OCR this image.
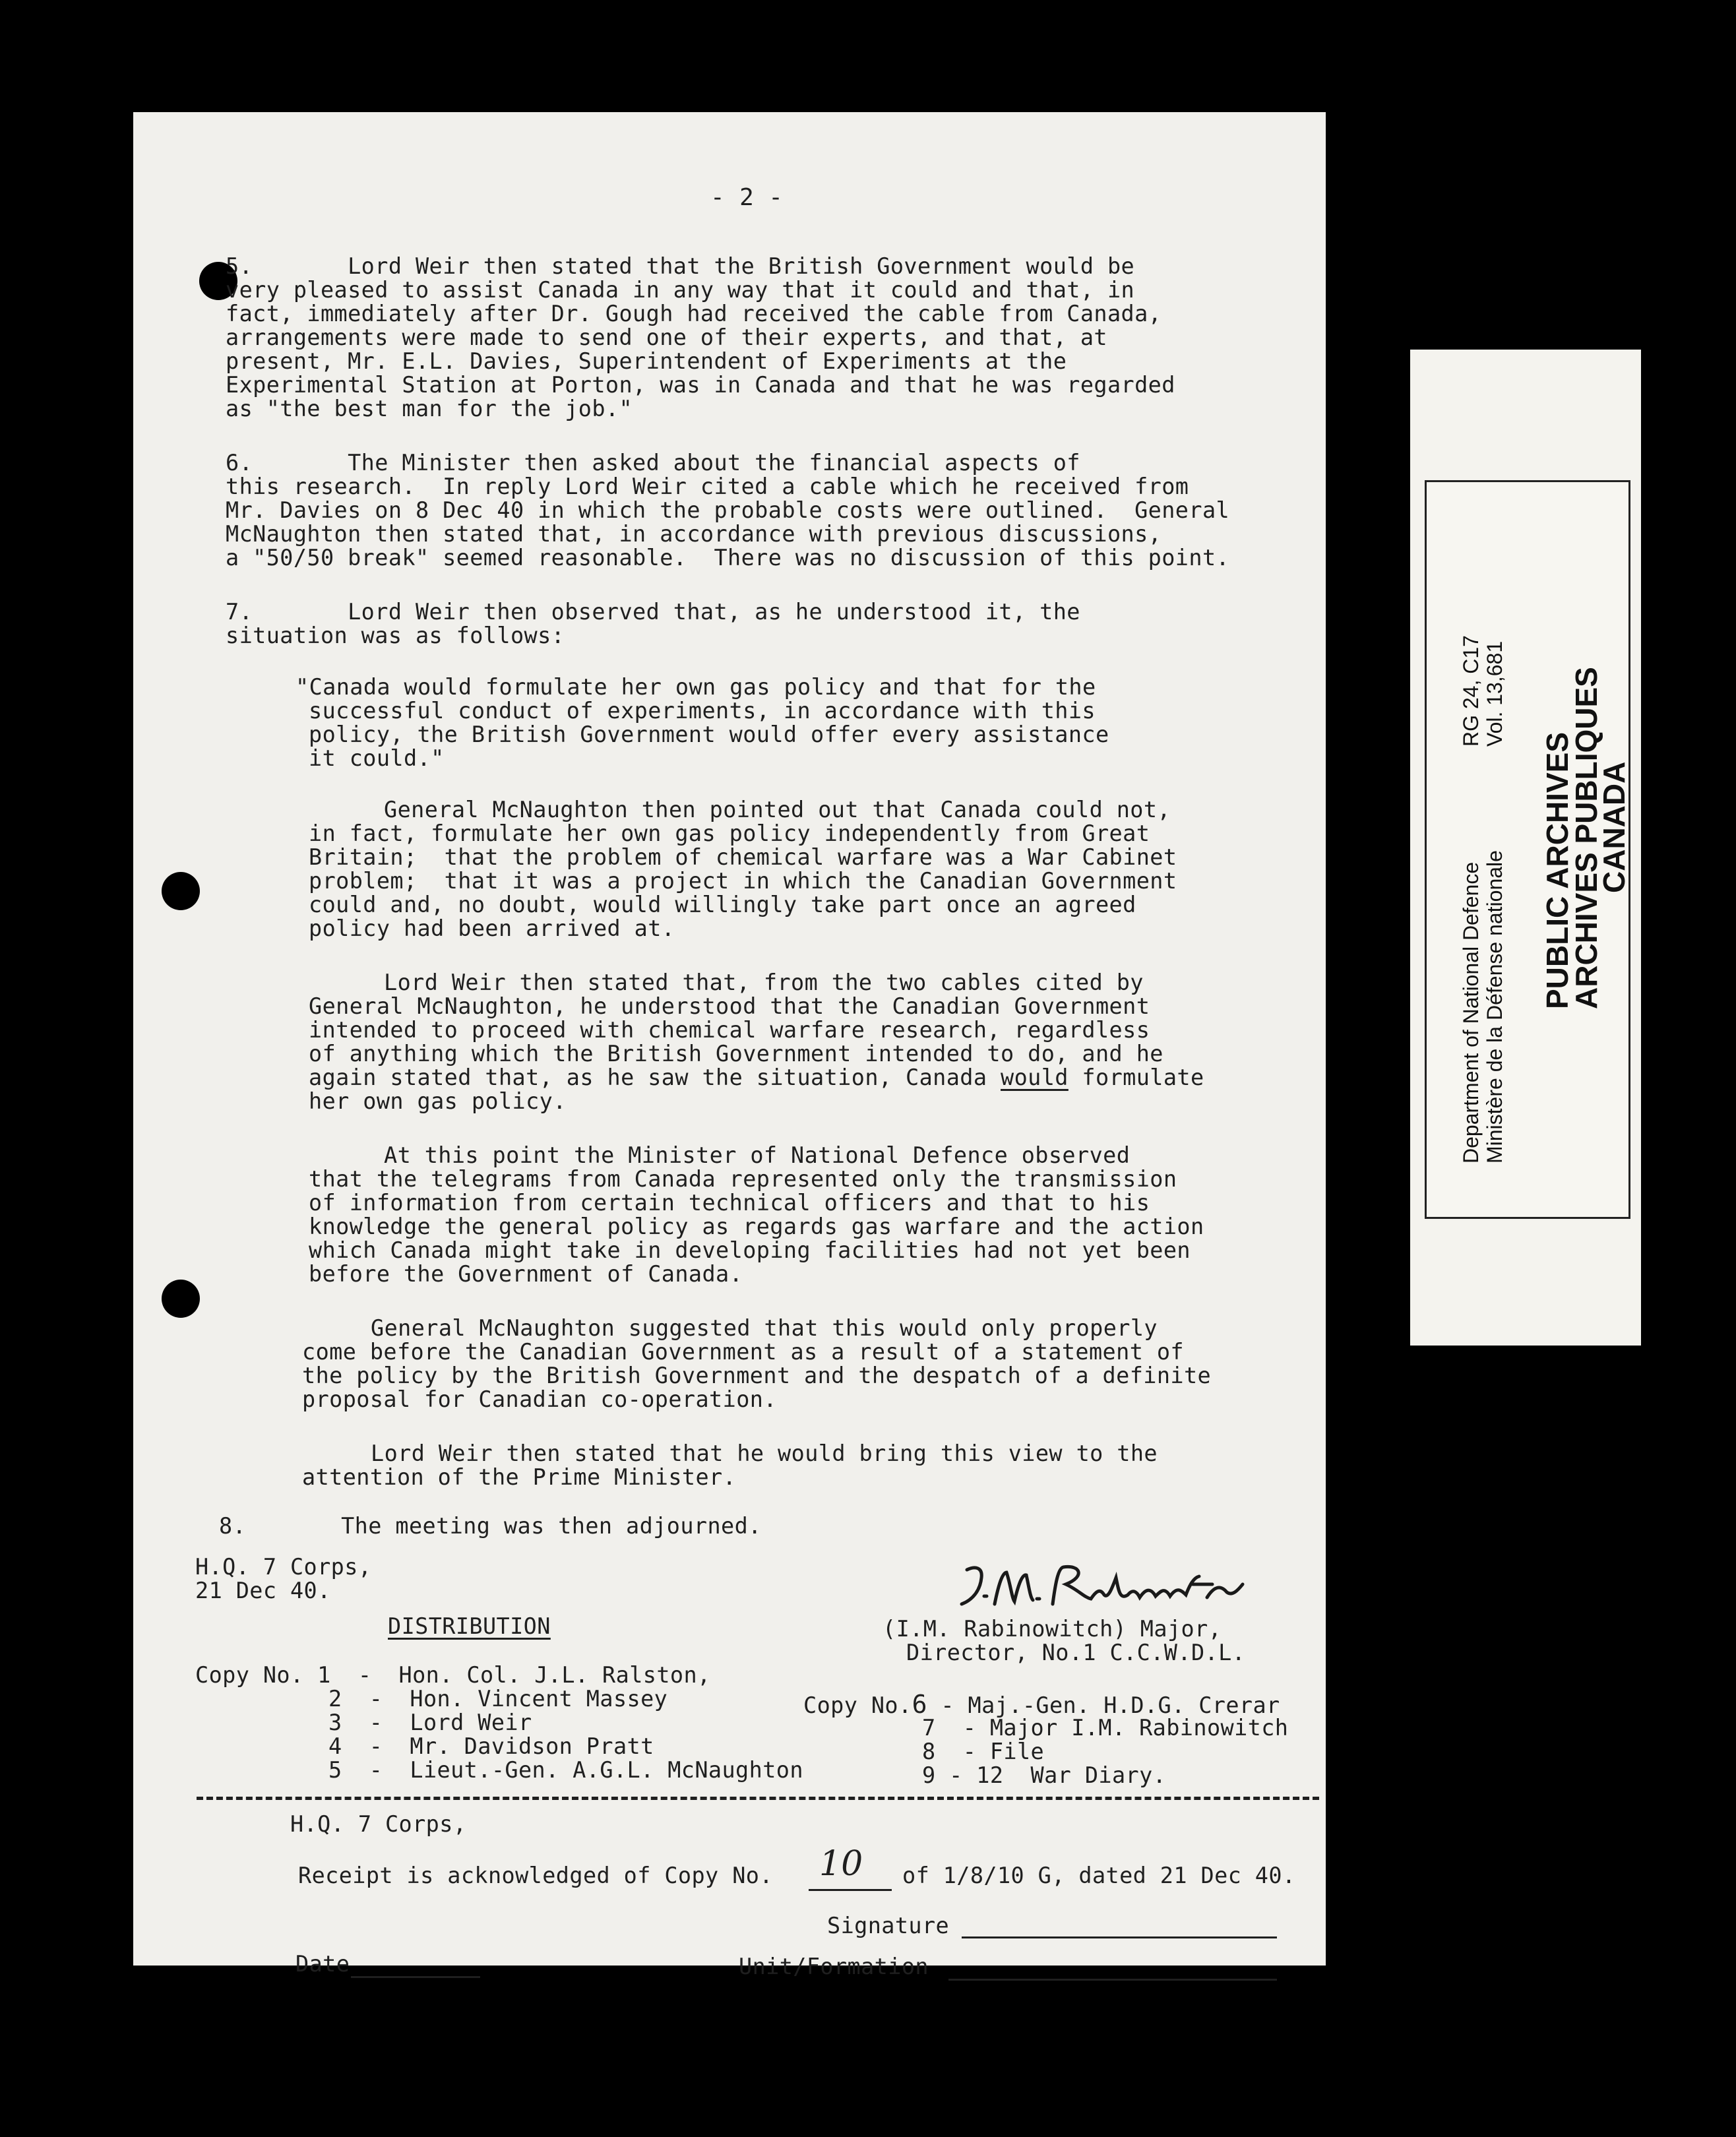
- 2 -
5.       Lord Weir then stated that the British Government would be
very pleased to assist Canada in any way that it could and that, in
fact, immediately after Dr. Gough had received the cable from Canada,
arrangements were made to send one of their experts, and that, at
present, Mr. E.L. Davies, Superintendent of Experiments at the
Experimental Station at Porton, was in Canada and that he was regarded
as "the best man for the job."
6.       The Minister then asked about the financial aspects of
this research.  In reply Lord Weir cited a cable which he received from
Mr. Davies on 8 Dec 40 in which the probable costs were outlined.  General
McNaughton then stated that, in accordance with previous discussions,
a "50/50 break" seemed reasonable.  There was no discussion of this point.
7.       Lord Weir then observed that, as he understood it, the
situation was as follows:
"Canada would formulate her own gas policy and that for the
successful conduct of experiments, in accordance with this
policy, the British Government would offer every assistance
it could."
General McNaughton then pointed out that Canada could not,
in fact, formulate her own gas policy independently from Great
Britain;  that the problem of chemical warfare was a War Cabinet
problem;  that it was a project in which the Canadian Government
could and, no doubt, would willingly take part once an agreed
policy had been arrived at.
Lord Weir then stated that, from the two cables cited by
General McNaughton, he understood that the Canadian Government
intended to proceed with chemical warfare research, regardless
of anything which the British Government intended to do, and he
again stated that, as he saw the situation, Canada would formulate
her own gas policy.
At this point the Minister of National Defence observed
that the telegrams from Canada represented only the transmission
of information from certain technical officers and that to his
knowledge the general policy as regards gas warfare and the action
which Canada might take in developing facilities had not yet been
before the Government of Canada.
General McNaughton suggested that this would only properly
come before the Canadian Government as a result of a statement of
the policy by the British Government and the despatch of a definite
proposal for Canadian co-operation.
Lord Weir then stated that he would bring this view to the
attention of the Prime Minister.
8.       The meeting was then adjourned.
H.Q. 7 Corps,
21 Dec 40.
DISTRIBUTION	(I.M. Rabinowitch) Major,
Director, No.1 C.C.W.D.L.
Copy No. 1  -  Hon. Col. J.L. Ralston,
2  -  Hon. Vincent Massey
3  -  Lord Weir
4  -  Mr. Davidson Pratt
5  -  Lieut.-Gen. A.G.L. McNaughton
Copy No.6 - Maj.-Gen. H.D.G. Crerar
7  - Major I.M. Rabinowitch
8  - File
9 - 12  War Diary.
H.Q. 7 Corps,
Receipt is acknowledged of Copy No. 10 of 1/8/10 G, dated 21 Dec 40.
Signature
Date	Unit/Formation
RG 24, C17 Vol. 13,681
Department of National Defence Ministère de la Défense nationale PUBLIC ARCHIVES
ARCHIVES PUBLIQUES
CANADA
